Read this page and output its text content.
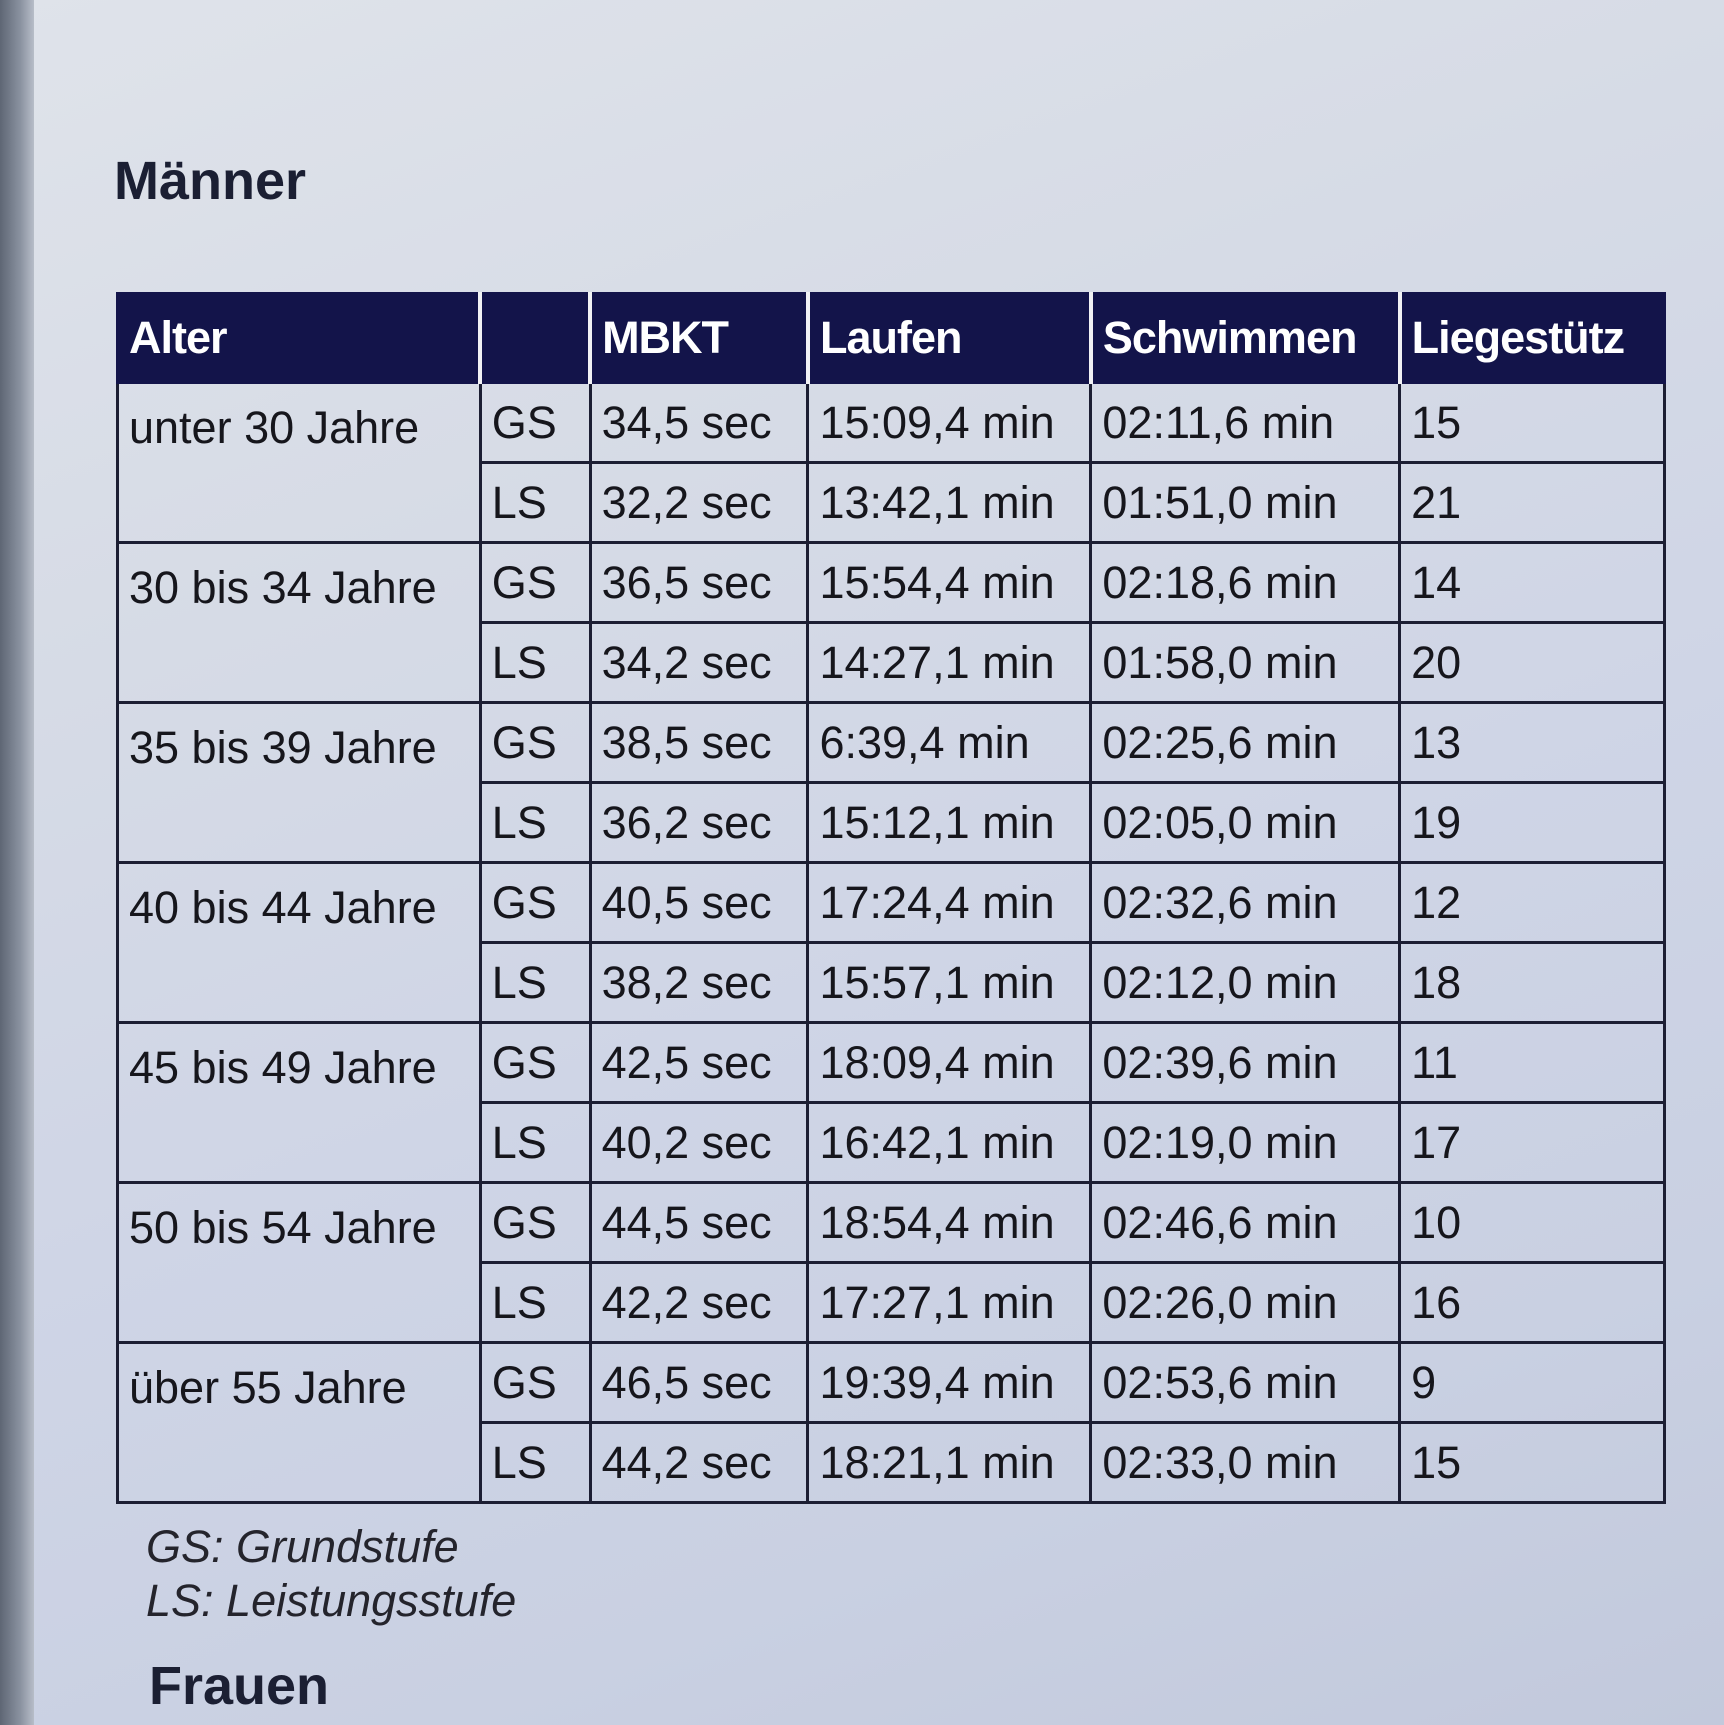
Männer
Alter		MBKT	Laufen	Schwimmen	Liegestütz
unter 30 Jahre	GS	34,5 sec	15:09,4 min	02:11,6 min	15
	LS	32,2 sec	13:42,1 min	01:51,0 min	21
30 bis 34 Jahre	GS	36,5 sec	15:54,4 min	02:18,6 min	14
	LS	34,2 sec	14:27,1 min	01:58,0 min	20
35 bis 39 Jahre	GS	38,5 sec	6:39,4 min	02:25,6 min	13
	LS	36,2 sec	15:12,1 min	02:05,0 min	19
40 bis 44 Jahre	GS	40,5 sec	17:24,4 min	02:32,6 min	12
	LS	38,2 sec	15:57,1 min	02:12,0 min	18
45 bis 49 Jahre	GS	42,5 sec	18:09,4 min	02:39,6 min	11
	LS	40,2 sec	16:42,1 min	02:19,0 min	17
50 bis 54 Jahre	GS	44,5 sec	18:54,4 min	02:46,6 min	10
	LS	42,2 sec	17:27,1 min	02:26,0 min	16
über 55 Jahre	GS	46,5 sec	19:39,4 min	02:53,6 min	9
	LS	44,2 sec	18:21,1 min	02:33,0 min	15
GS: Grundstufe
LS: Leistungsstufe
Frauen
